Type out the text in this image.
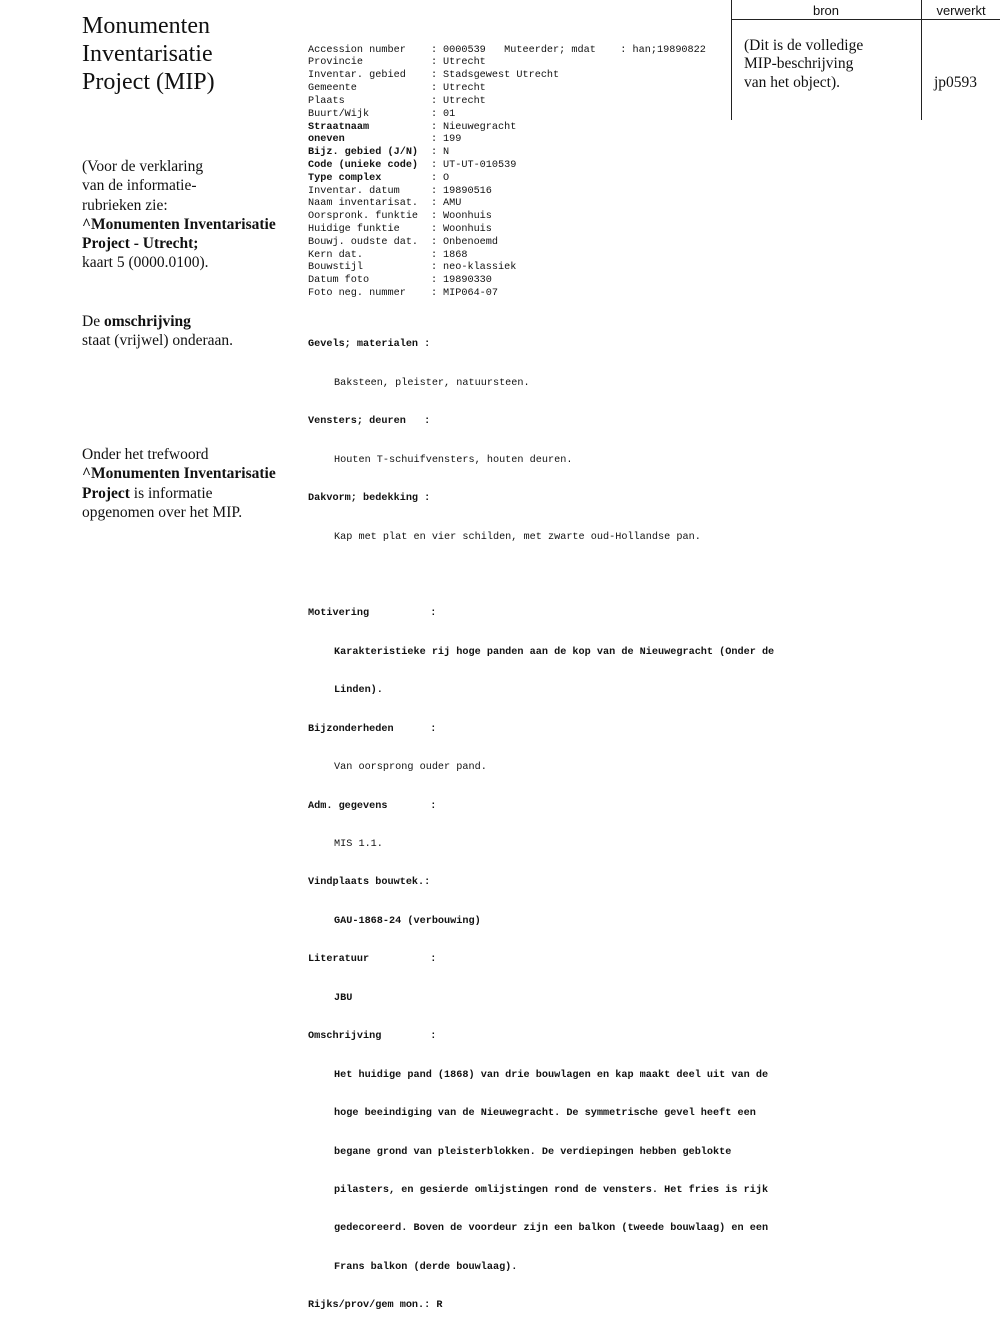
Monumenten
Inventarisatie
Project (MIP)
(Voor de verklaring
van de informatie-
rubrieken zie:
^Monumenten Inventarisatie
Project - Utrecht;
kaart 5 (0000.0100).
De omschrijving
staat (vrijwel) onderaan.
Onder het trefwoord
^Monumenten Inventarisatie
Project is informatie
opgenomen over het MIP.

Accession number : 0000539   Muteerder; mdat    : han;19890822
Provincie	: Utrecht
Inventar. gebied : Stadsgewest Utrecht
Gemeente	: Utrecht
Plaats	: Utrecht
Buurt/Wijk	: 01
Straatnaam	: Nieuwegracht
oneven	: 199
Bijz. gebied (J/N) : N
Code (unieke code) : UT-UT-010539
Type complex	: O
Inventar. datum	: 19890516
Naam inventarisat. : AMU
Oorspronk. funktie : Woonhuis
Huidige funktie	: Woonhuis
Bouwj. oudste dat. : Onbenoemd
Kern dat.	: 1868
Bouwstijl	: neo-klassiek
Datum foto	: 19890330
Foto neg. nummer : MIP064-07

Gevels; materialen :

Baksteen, pleister, natuursteen.

Vensters; deuren   :

Houten T-schuifvensters, houten deuren.

Dakvorm; bedekking :

Kap met plat en vier schilden, met zwarte oud-Hollandse pan.

Motivering          :

Karakteristieke rij hoge panden aan de kop van de Nieuwegracht (Onder de

Linden).

Bijzonderheden      :

Van oorsprong ouder pand.

Adm. gegevens       :

MIS 1.1.

Vindplaats bouwtek.:

GAU-1868-24 (verbouwing)

Literatuur          :

JBU

Omschrijving        :

Het huidige pand (1868) van drie bouwlagen en kap maakt deel uit van de

hoge beeindiging van de Nieuwegracht. De symmetrische gevel heeft een

begane grond van pleisterblokken. De verdiepingen hebben geblokte

pilasters, en gesierde omlijstingen rond de vensters. Het fries is rijk

gedecoreerd. Boven de voordeur zijn een balkon (tweede bouwlaag) en een

Frans balkon (derde bouwlaag).

Rijks/prov/gem mon.: R

bron	verwerkt
(Dit is de volledige
MIP-beschrijving
van het object).	jp0593
